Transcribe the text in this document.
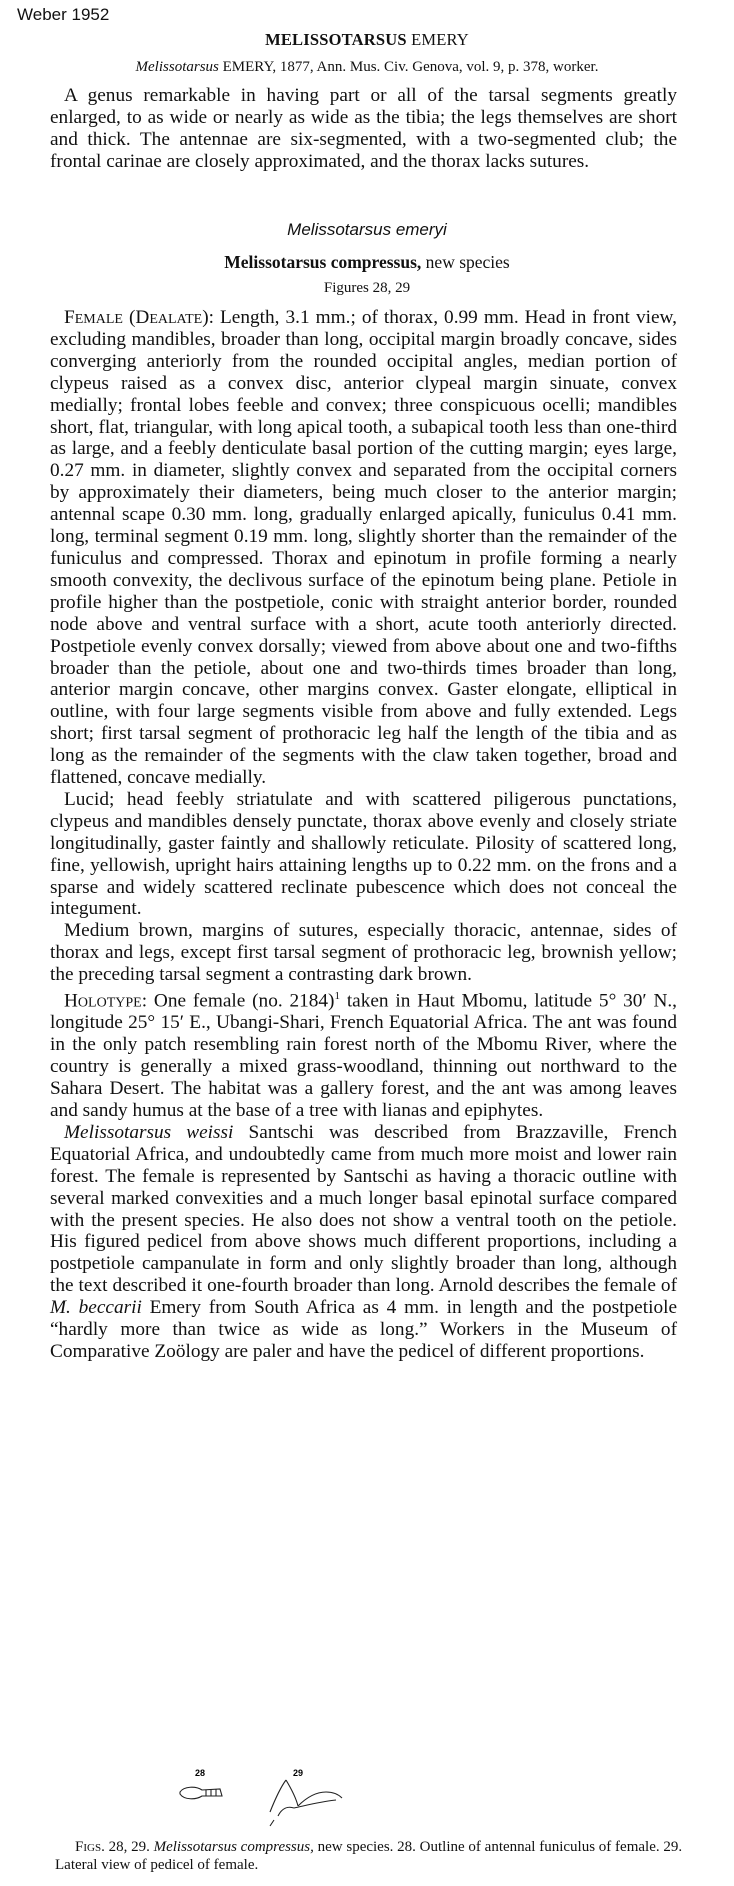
Weber 1952
MELISSOTARSUS EMERY
Melissotarsus EMERY, 1877, Ann. Mus. Civ. Genova, vol. 9, p. 378, worker.

A genus remarkable in having part or all of the tarsal segments greatly enlarged, to as wide or nearly as wide as the tibia; the legs themselves are short and thick. The antennae are six-segmented, with a two-segmented club; the frontal carinae are closely approximated, and the thorax lacks sutures.

Melissotarsus emeryi
Melissotarsus compressus, new species
Figures 28, 29

Female (Dealate): Length, 3.1 mm.; of thorax, 0.99 mm. Head in front view, excluding mandibles, broader than long, occipital margin broadly concave, sides converging anteriorly from the rounded occipital angles, median portion of clypeus raised as a convex disc, anterior clypeal margin sinuate, convex medially; frontal lobes feeble and convex; three conspicuous ocelli; mandibles short, flat, triangular, with long apical tooth, a subapical tooth less than one-third as large, and a feebly denticulate basal portion of the cutting margin; eyes large, 0.27 mm. in diameter, slightly convex and separated from the occipital corners by approximately their diameters, being much closer to the anterior margin; antennal scape 0.30 mm. long, gradually enlarged apically, funiculus 0.41 mm. long, terminal segment 0.19 mm. long, slightly shorter than the remainder of the funiculus and compressed. Thorax and epinotum in profile forming a nearly smooth convexity, the declivous surface of the epinotum being plane. Petiole in profile higher than the postpetiole, conic with straight anterior border, rounded node above and ventral surface with a short, acute tooth anteriorly directed. Postpetiole evenly convex dorsally; viewed from above about one and two-fifths broader than the petiole, about one and two-thirds times broader than long, anterior margin concave, other margins convex. Gaster elongate, elliptical in outline, with four large segments visible from above and fully extended. Legs short; first tarsal segment of prothoracic leg half the length of the tibia and as long as the remainder of the segments with the claw taken together, broad and flattened, concave medially.

Lucid; head feebly striatulate and with scattered piligerous punctations, clypeus and mandibles densely punctate, thorax above evenly and closely striate longitudinally, gaster faintly and shallowly reticulate. Pilosity of scattered long, fine, yellowish, upright hairs attaining lengths up to 0.22 mm. on the frons and a sparse and widely scattered reclinate pubescence which does not conceal the integument.

Medium brown, margins of sutures, especially thoracic, antennae, sides of thorax and legs, except first tarsal segment of prothoracic leg, brownish yellow; the preceding tarsal segment a contrasting dark brown.

Holotype: One female (no. 2184)$^1$ taken in Haut Mbomu, latitude 5° 30′ N., longitude 25° 15′ E., Ubangi-Shari, French Equatorial Africa. The ant was found in the only patch resembling rain forest north of the Mbomu River, where the country is generally a mixed grass-woodland, thinning out northward to the Sahara Desert. The habitat was a gallery forest, and the ant was among leaves and sandy humus at the base of a tree with lianas and epiphytes.

Melissotarsus weissi Santschi was described from Brazzaville, French Equatorial Africa, and undoubtedly came from much more moist and lower rain forest. The female is represented by Santschi as having a thoracic outline with several marked convexities and a much longer basal epinotal surface compared with the present species. He also does not show a ventral tooth on the petiole. His figured pedicel from above shows much different proportions, including a postpetiole campanulate in form and only slightly broader than long, although the text described it one-fourth broader than long. Arnold describes the female of M. beccarii Emery from South Africa as 4 mm. in length and the postpetiole “hardly more than twice as wide as long.” Workers in the Museum of Comparative Zoölogy are paler and have the pedicel of different proportions.

28	29
Figs. 28, 29. Melissotarsus compressus, new species. 28. Outline of antennal funiculus of female. 29. Lateral view of pedicel of female.
